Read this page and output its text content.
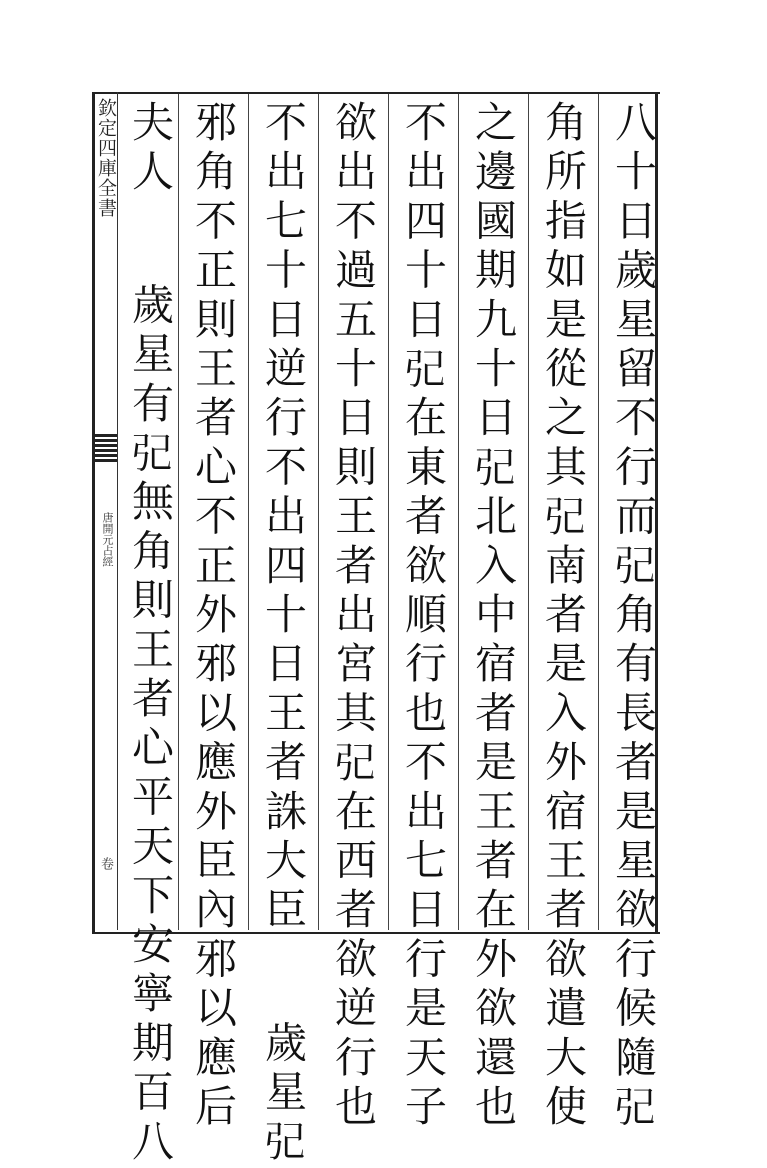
欽定四庫全書
唐開元占經
卷	八十日歲星留不行而𢀶角有長者是星欲行候隨𢀶
角所指如是從之其𢀶南者是入外宿王者欲遣大使
之邊國期九十日𢀶北入中宿者是王者在外欲還也
不出四十日𢀶在東者欲順行也不出七日行是天子
欲出不過五十日則王者出宮其𢀶在西者欲逆行也
不出七十日逆行不出四十日王者誅大臣歲星𢀶
邪角不正則王者心不正外邪以應外臣內邪以應后
夫人歲星有𢀶無角則王者心平天下安寧期百八
